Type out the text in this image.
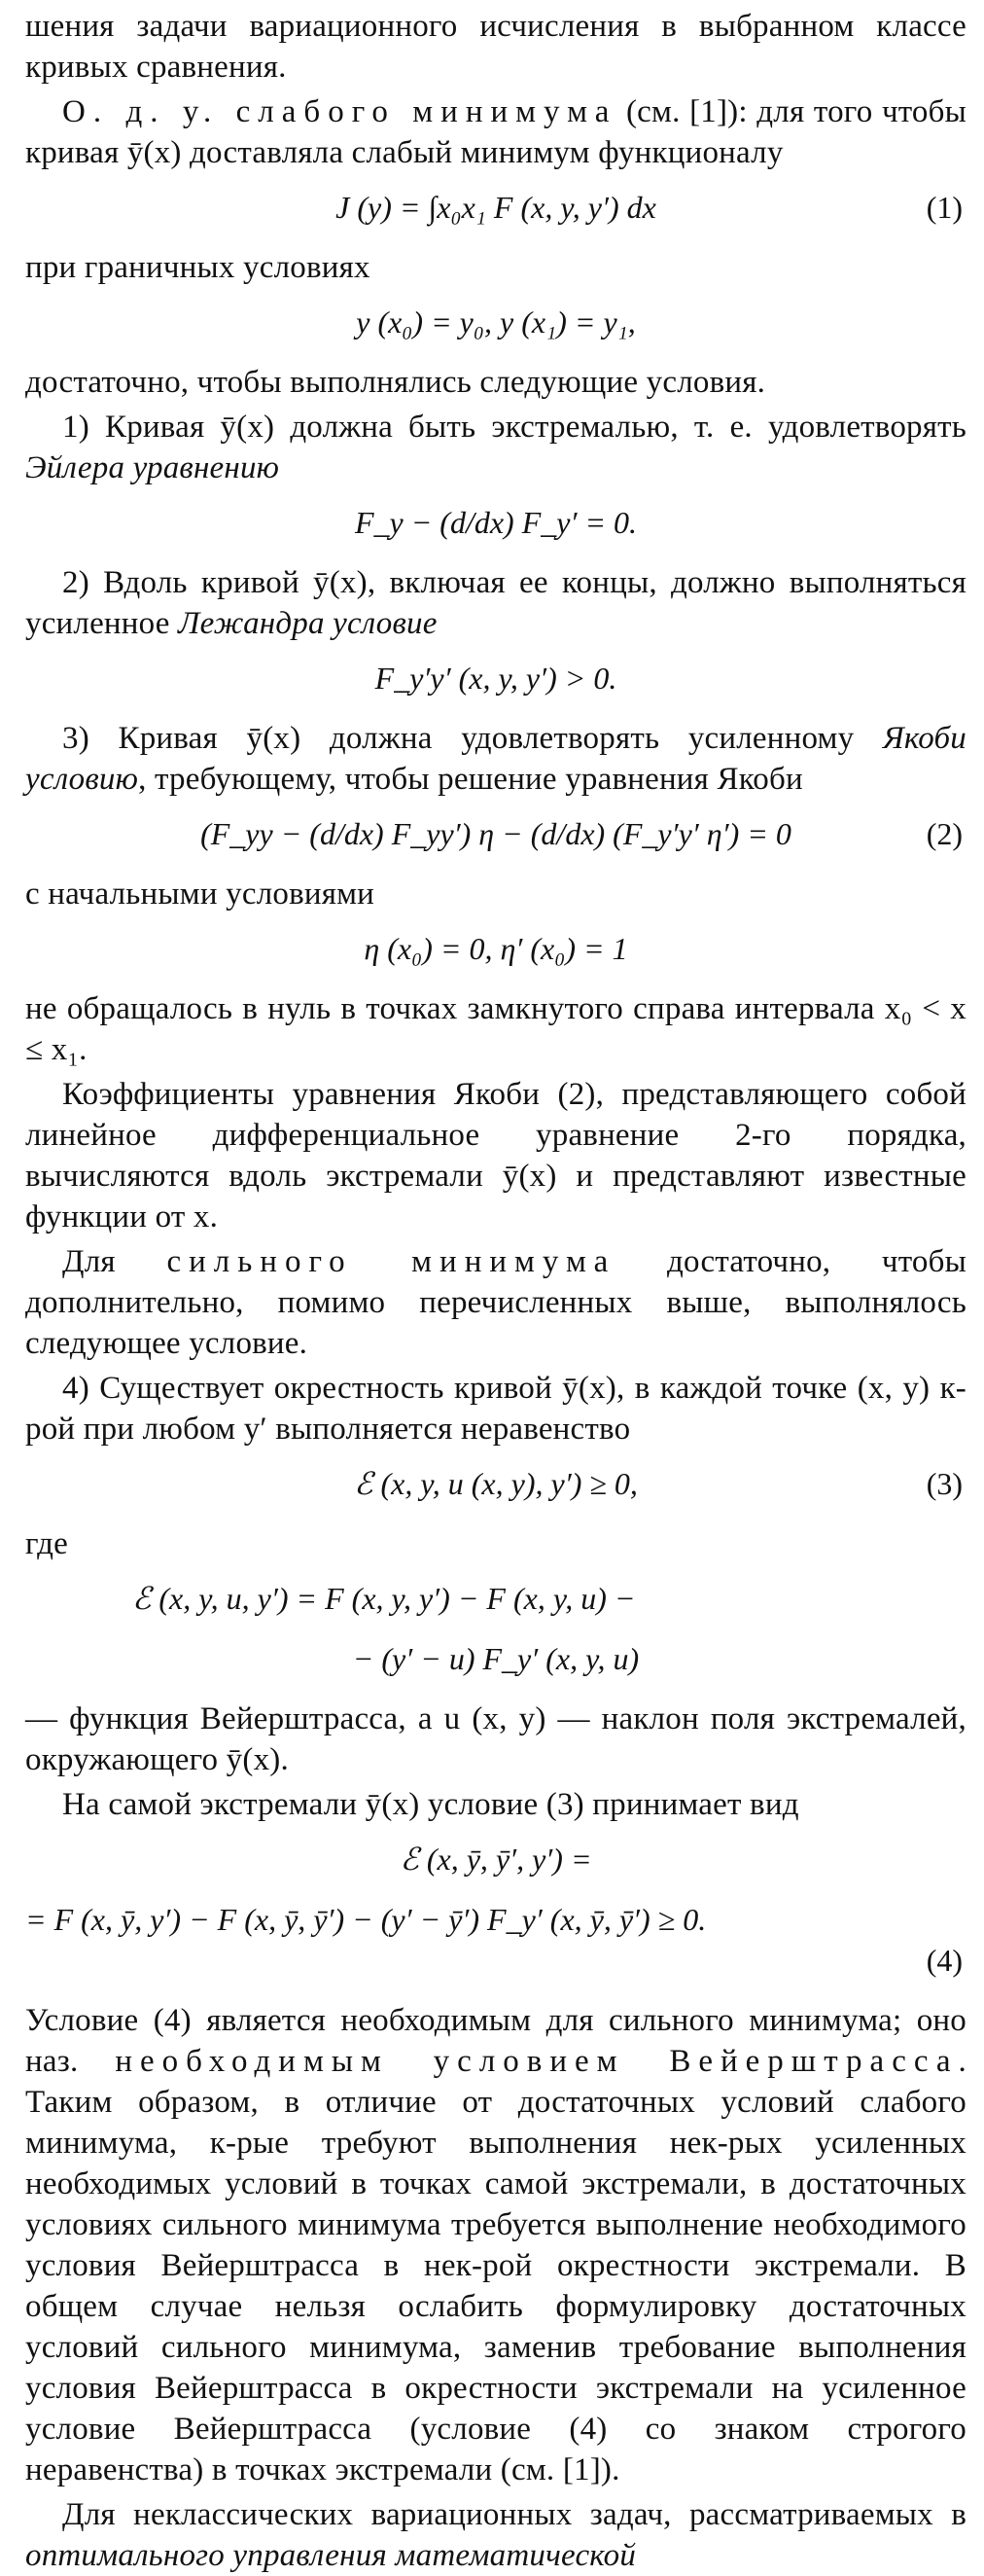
шения задачи вариационного исчисления в выбранном классе кривых сравнения.
О. д. у. слабого минимума (см. [1]): для того чтобы кривая ȳ(x) доставляла слабый минимум функционалу
J (y) = ∫x₀x₁ F (x, y, y′) dx	(1)
при граничных условиях
y (x₀) = y₀, y (x₁) = y₁,
достаточно, чтобы выполнялись следующие условия.
1) Кривая ȳ(x) должна быть экстремалью, т. е. удовлетворять Эйлера уравнению
F_y − (d/dx) F_y′ = 0.
2) Вдоль кривой ȳ(x), включая ее концы, должно выполняться усиленное Лежандра условие
F_y′y′ (x, y, y′) > 0.
3) Кривая ȳ(x) должна удовлетворять усиленному Якоби условию, требующему, чтобы решение уравнения Якоби
(F_yy − (d/dx) F_yy′) η − (d/dx) (F_y′y′ η′) = 0	(2)
с начальными условиями
η (x₀) = 0, η′ (x₀) = 1
не обращалось в нуль в точках замкнутого справа интервала x₀ < x ≤ x₁.
Коэффициенты уравнения Якоби (2), представляющего собой линейное дифференциальное уравнение 2-го порядка, вычисляются вдоль экстремали ȳ(x) и представляют известные функции от x.
Для сильного минимума достаточно, чтобы дополнительно, помимо перечисленных выше, выполнялось следующее условие.
4) Существует окрестность кривой ȳ(x), в каждой точке (x, y) к-рой при любом y′ выполняется неравенство
ℰ (x, y, u (x, y), y′) ≥ 0,	(3)
где
ℰ (x, y, u, y′) = F (x, y, y′) − F (x, y, u) −
− (y′ − u) F_y′ (x, y, u)
— функция Вейерштрасса, а u (x, y) — наклон поля экстремалей, окружающего ȳ(x).
На самой экстремали ȳ(x) условие (3) принимает вид
ℰ (x, ȳ, ȳ′, y′) =
= F (x, ȳ, y′) − F (x, ȳ, ȳ′) − (y′ − ȳ′) F_y′ (x, ȳ, ȳ′) ≥ 0.
(4)
Условие (4) является необходимым для сильного минимума; оно наз. необходимым условием Вейерштрасса. Таким образом, в отличие от достаточных условий слабого минимума, к-рые требуют выполнения нек-рых усиленных необходимых условий в точках самой экстремали, в достаточных условиях сильного минимума требуется выполнение необходимого условия Вейерштрасса в нек-рой окрестности экстремали. В общем случае нельзя ослабить формулировку достаточных условий сильного минимума, заменив требование выполнения условия Вейерштрасса в окрестности экстремали на усиленное условие Вейерштрасса (условие (4) со знаком строгого неравенства) в точках экстремали (см. [1]).
Для неклассических вариационных задач, рассматриваемых в оптимального управления математической
